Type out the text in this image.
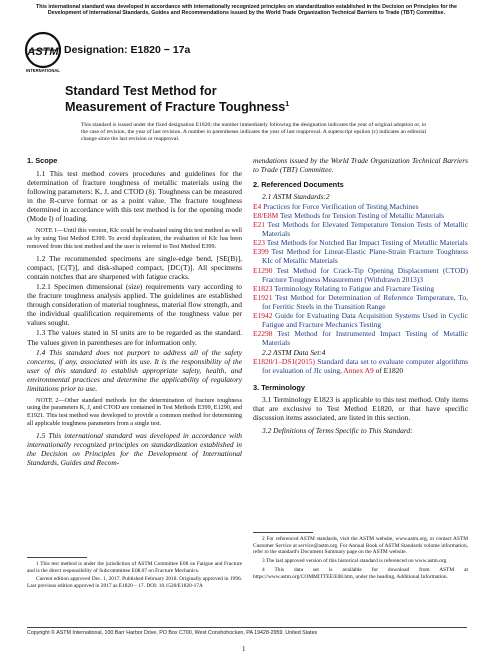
This international standard was developed in accordance with internationally recognized principles on standardization established in the Decision on Principles for the Development of International Standards, Guides and Recommendations issued by the World Trade Organization Technical Barriers to Trade (TBT) Committee.
ASTM
INTERNATIONAL
Designation: E1820 − 17a
Standard Test Method for
Measurement of Fracture Toughness$^1$
This standard is issued under the fixed designation E1820; the number immediately following the designation indicates the year of original adoption or, in the case of revision, the year of last revision. A number in parentheses indicates the year of last reapproval. A superscript epsilon (ε) indicates an editorial change since the last revision or reapproval.

1. Scope

1.1 This test method covers procedures and guidelines for the determination of fracture toughness of metallic materials using the following parameters: K, J, and CTOD (δ). Toughness can be measured in the R-curve format or as a point value. The fracture toughness determined in accordance with this test method is for the opening mode (Mode I) of loading.

NOTE 1—Until this version, KIc could be evaluated using this test method as well as by using Test Method E399. To avoid duplication, the evaluation of KIc has been removed from this test method and the user is referred to Test Method E399.

1.2 The recommended specimens are single-edge bend, [SE(B)], compact, [C(T)], and disk-shaped compact, [DC(T)]. All specimens contain notches that are sharpened with fatigue cracks.

1.2.1 Specimen dimensional (size) requirements vary according to the fracture toughness analysis applied. The guidelines are established through consideration of material toughness, material flow strength, and the individual qualification requirements of the toughness value per values sought.

1.3 The values stated in SI units are to be regarded as the standard. The values given in parentheses are for information only.

1.4 This standard does not purport to address all of the safety concerns, if any, associated with its use. It is the responsibility of the user of this standard to establish appropriate safety, health, and environmental practices and determine the applicability of regulatory limitations prior to use.

NOTE 2—Other standard methods for the determination of fracture toughness using the parameters K, J, and CTOD are contained in Test Methods E399, E1290, and E1921. This test method was developed to provide a common method for determining all applicable toughness parameters from a single test.

1.5 This international standard was developed in accordance with internationally recognized principles on standardization established in the Decision on Principles for the Development of International Standards, Guides and Recom-

mendations issued by the World Trade Organization Technical Barriers to Trade (TBT) Committee.

2. Referenced Documents

2.1 ASTM Standards:2

E4 Practices for Force Verification of Testing Machines

E8/E8M Test Methods for Tension Testing of Metallic Materials

E21 Test Methods for Elevated Temperature Tension Tests of Metallic Materials

E23 Test Methods for Notched Bar Impact Testing of Metallic Materials

E399 Test Method for Linear-Elastic Plane-Strain Fracture Toughness KIc of Metallic Materials

E1290 Test Method for Crack-Tip Opening Displacement (CTOD) Fracture Toughness Measurement (Withdrawn 2013)3

E1823 Terminology Relating to Fatigue and Fracture Testing

E1921 Test Method for Determination of Reference Temperature, To, for Ferritic Steels in the Transition Range

E1942 Guide for Evaluating Data Acquisition Systems Used in Cyclic Fatigue and Fracture Mechanics Testing

E2298 Test Method for Instrumented Impact Testing of Metallic Materials

2.2 ASTM Data Set:4

E1820/1–DS1(2015) Standard data set to evaluate computer algorithms for evaluation of JIc using, Annex A9 of E1820

3. Terminology

3.1 Terminology E1823 is applicable to this test method. Only items that are exclusive to Test Method E1820, or that have specific discussion items associated, are listed in this section.

3.2 Definitions of Terms Specific to This Standard:

1 This test method is under the jurisdiction of ASTM Committee E08 on Fatigue and Fracture and is the direct responsibility of Subcommittee E08.07 on Fracture Mechanics.

Current edition approved Dec. 1, 2017. Published February 2018. Originally approved in 1996. Last previous edition approved in 2017 as E1820 – 17. DOI: 10.1520/E1820-17A

2 For referenced ASTM standards, visit the ASTM website, www.astm.org, or contact ASTM Customer Service at service@astm.org. For Annual Book of ASTM Standards volume information, refer to the standard's Document Summary page on the ASTM website.

3 The last approved version of this historical standard is referenced on www.astm.org.

4 This data set is available for download from ASTM at https://www.astm.org/COMMITTEE/E08.htm, under the heading, Additional Information.

Copyright © ASTM International, 100 Barr Harbor Drive, PO Box C700, West Conshohocken, PA 19428-2959. United States
1
